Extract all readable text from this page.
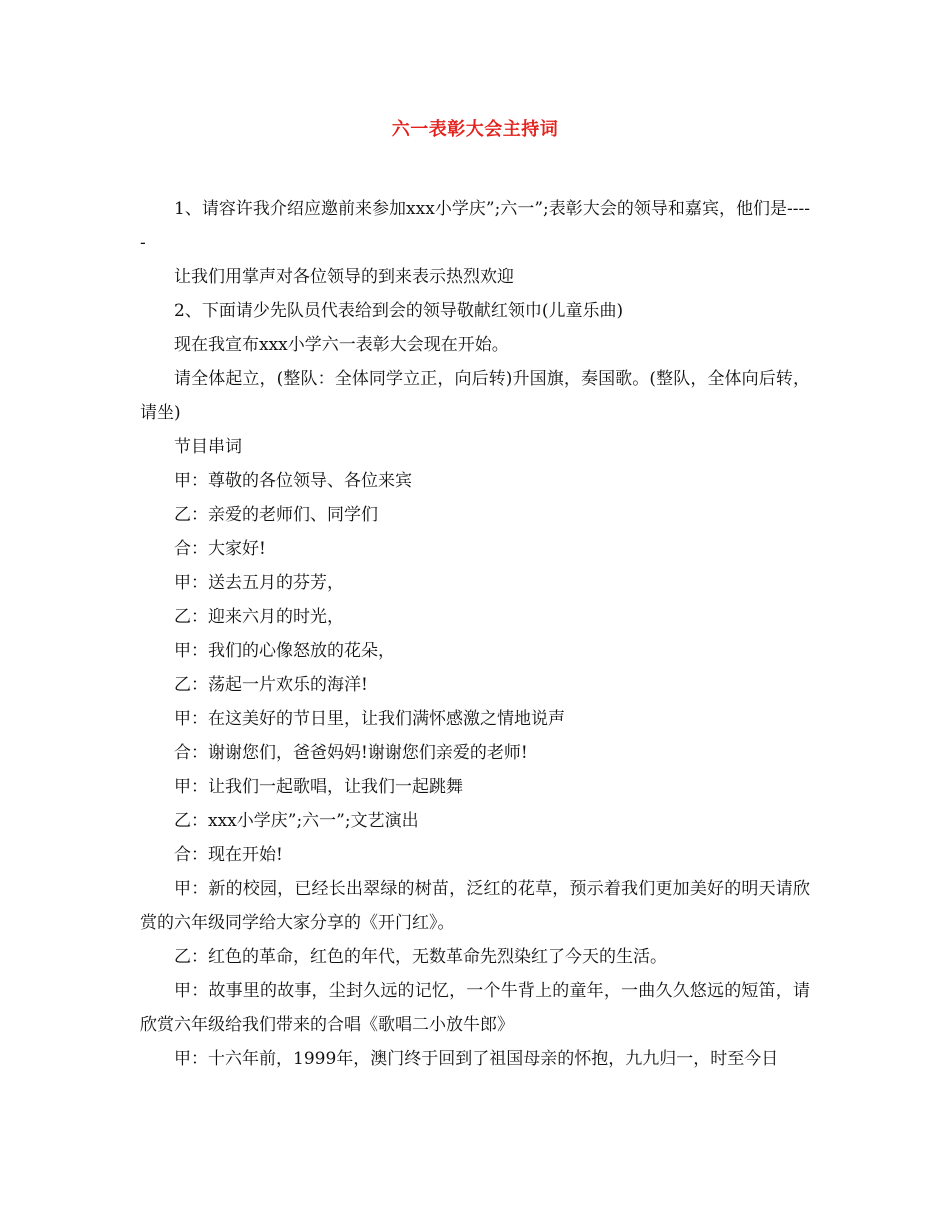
六一表彰大会主持词

1、请容许我介绍应邀前来参加xxx小学庆”;六一”;表彰大会的领导和嘉宾，他们是-----

让我们用掌声对各位领导的到来表示热烈欢迎

2、下面请少先队员代表给到会的领导敬献红领巾(儿童乐曲)

现在我宣布xxx小学六一表彰大会现在开始。

请全体起立，(整队：全体同学立正，向后转)升国旗，奏国歌。(整队，全体向后转，请坐)

节目串词

甲：尊敬的各位领导、各位来宾

乙：亲爱的老师们、同学们

合：大家好!

甲：送去五月的芬芳，

乙：迎来六月的时光，

甲：我们的心像怒放的花朵，

乙：荡起一片欢乐的海洋!

甲：在这美好的节日里，让我们满怀感激之情地说声

合：谢谢您们，爸爸妈妈!谢谢您们亲爱的老师!

甲：让我们一起歌唱，让我们一起跳舞

乙：xxx小学庆”;六一”;文艺演出

合：现在开始!

甲：新的校园，已经长出翠绿的树苗，泛红的花草，预示着我们更加美好的明天请欣赏的六年级同学给大家分享的《开门红》。

乙：红色的革命，红色的年代，无数革命先烈染红了今天的生活。

甲：故事里的故事，尘封久远的记忆，一个牛背上的童年，一曲久久悠远的短笛，请欣赏六年级给我们带来的合唱《歌唱二小放牛郎》

甲：十六年前，1999年，澳门终于回到了祖国母亲的怀抱，九九归一，时至今日
